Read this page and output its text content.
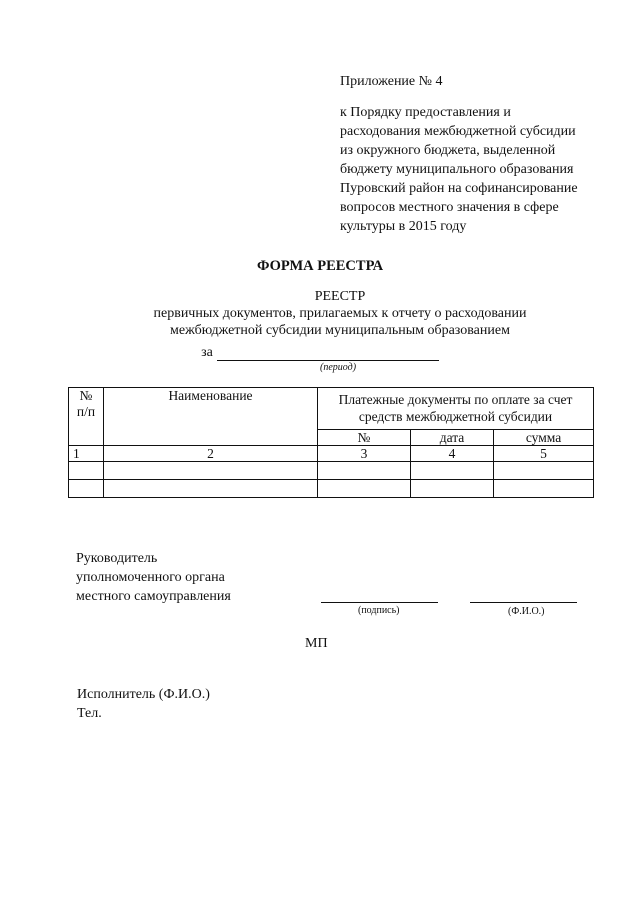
Приложение № 4
к Порядку предоставления и
расходования межбюджетной субсидии
из окружного бюджета, выделенной
бюджету муниципального образования
Пуровский район на софинансирование
вопросов местного значения в сфере
культуры в 2015 году
ФОРМА РЕЕСТРА
РЕЕСТР
первичных документов, прилагаемых к отчету о расходовании
межбюджетной субсидии муниципальным образованием
за
(период)
№
п/п	Наименование	Платежные документы по оплате за счет средств межбюджетной субсидии		
		№	дата	сумма
1	2	3	4	5

Руководитель
уполномоченного органа
местного самоуправления
(подпись)	(Ф.И.О.)
МП
Исполнитель (Ф.И.О.)
Тел.
